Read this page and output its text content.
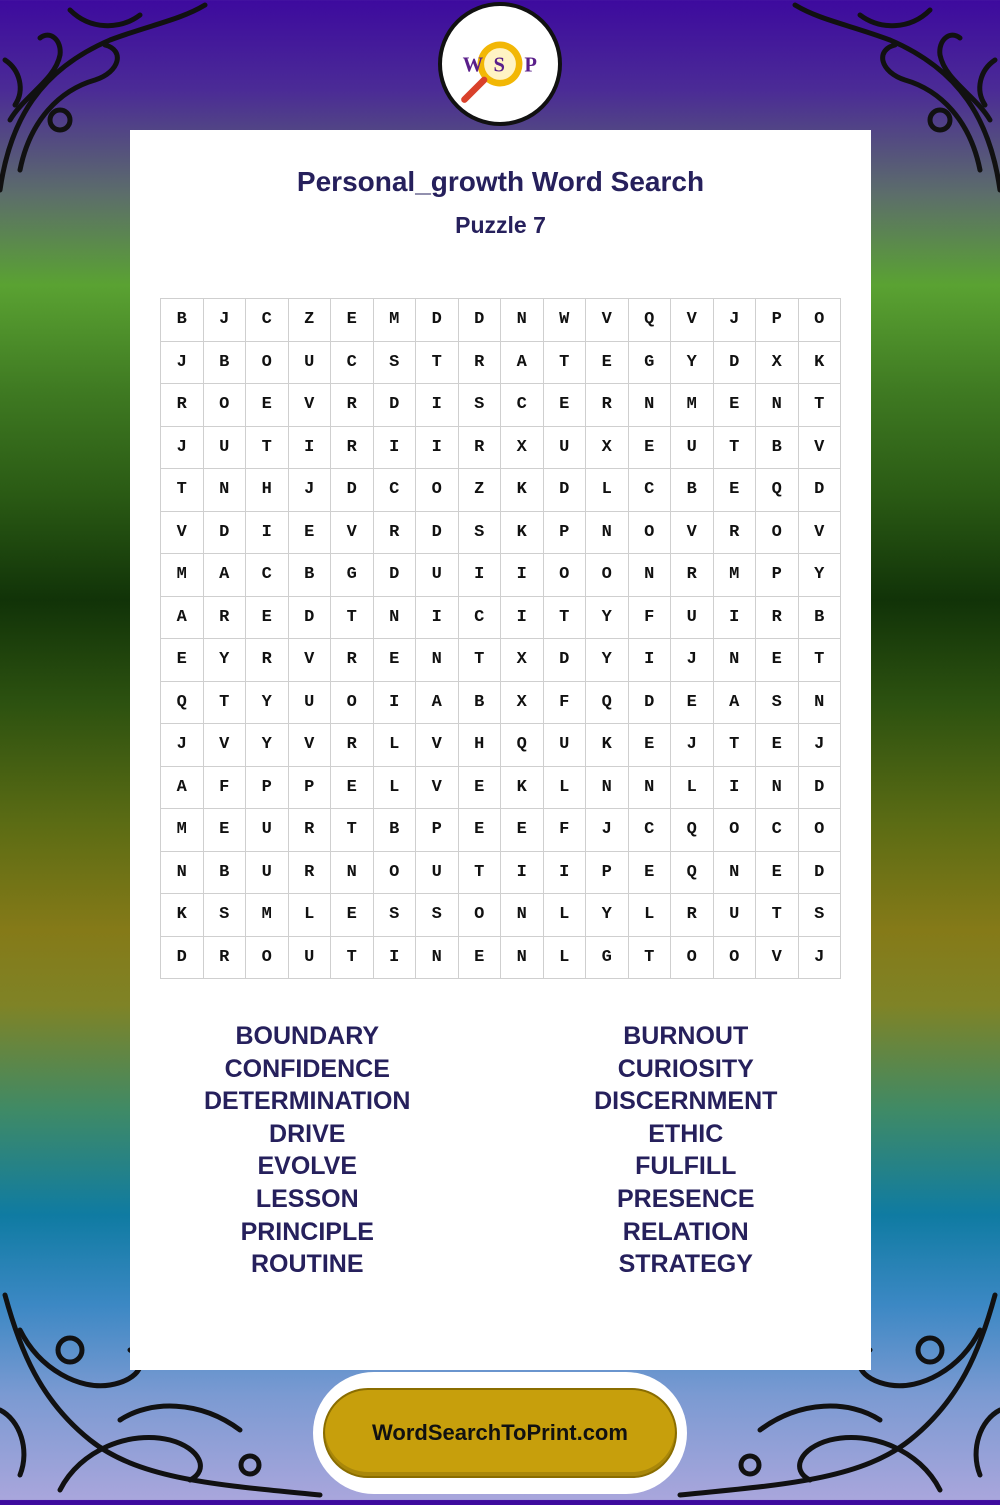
W S P
Personal_growth Word Search
Puzzle 7
B	J	C	Z	E	M	D	D	N	W	V	Q	V	J	P	O
J	B	O	U	C	S	T	R	A	T	E	G	Y	D	X	K
R	O	E	V	R	D	I	S	C	E	R	N	M	E	N	T
J	U	T	I	R	I	I	R	X	U	X	E	U	T	B	V
T	N	H	J	D	C	O	Z	K	D	L	C	B	E	Q	D
V	D	I	E	V	R	D	S	K	P	N	O	V	R	O	V
M	A	C	B	G	D	U	I	I	O	O	N	R	M	P	Y
A	R	E	D	T	N	I	C	I	T	Y	F	U	I	R	B
E	Y	R	V	R	E	N	T	X	D	Y	I	J	N	E	T
Q	T	Y	U	O	I	A	B	X	F	Q	D	E	A	S	N
J	V	Y	V	R	L	V	H	Q	U	K	E	J	T	E	J
A	F	P	P	E	L	V	E	K	L	N	N	L	I	N	D
M	E	U	R	T	B	P	E	E	F	J	C	Q	O	C	O
N	B	U	R	N	O	U	T	I	I	P	E	Q	N	E	D
K	S	M	L	E	S	S	O	N	L	Y	L	R	U	T	S
D	R	O	U	T	I	N	E	N	L	G	T	O	O	V	J
BOUNDARY
CONFIDENCE
DETERMINATION
DRIVE
EVOLVE
LESSON
PRINCIPLE
ROUTINE
BURNOUT
CURIOSITY
DISCERNMENT
ETHIC
FULFILL
PRESENCE
RELATION
STRATEGY
WordSearchToPrint.com
